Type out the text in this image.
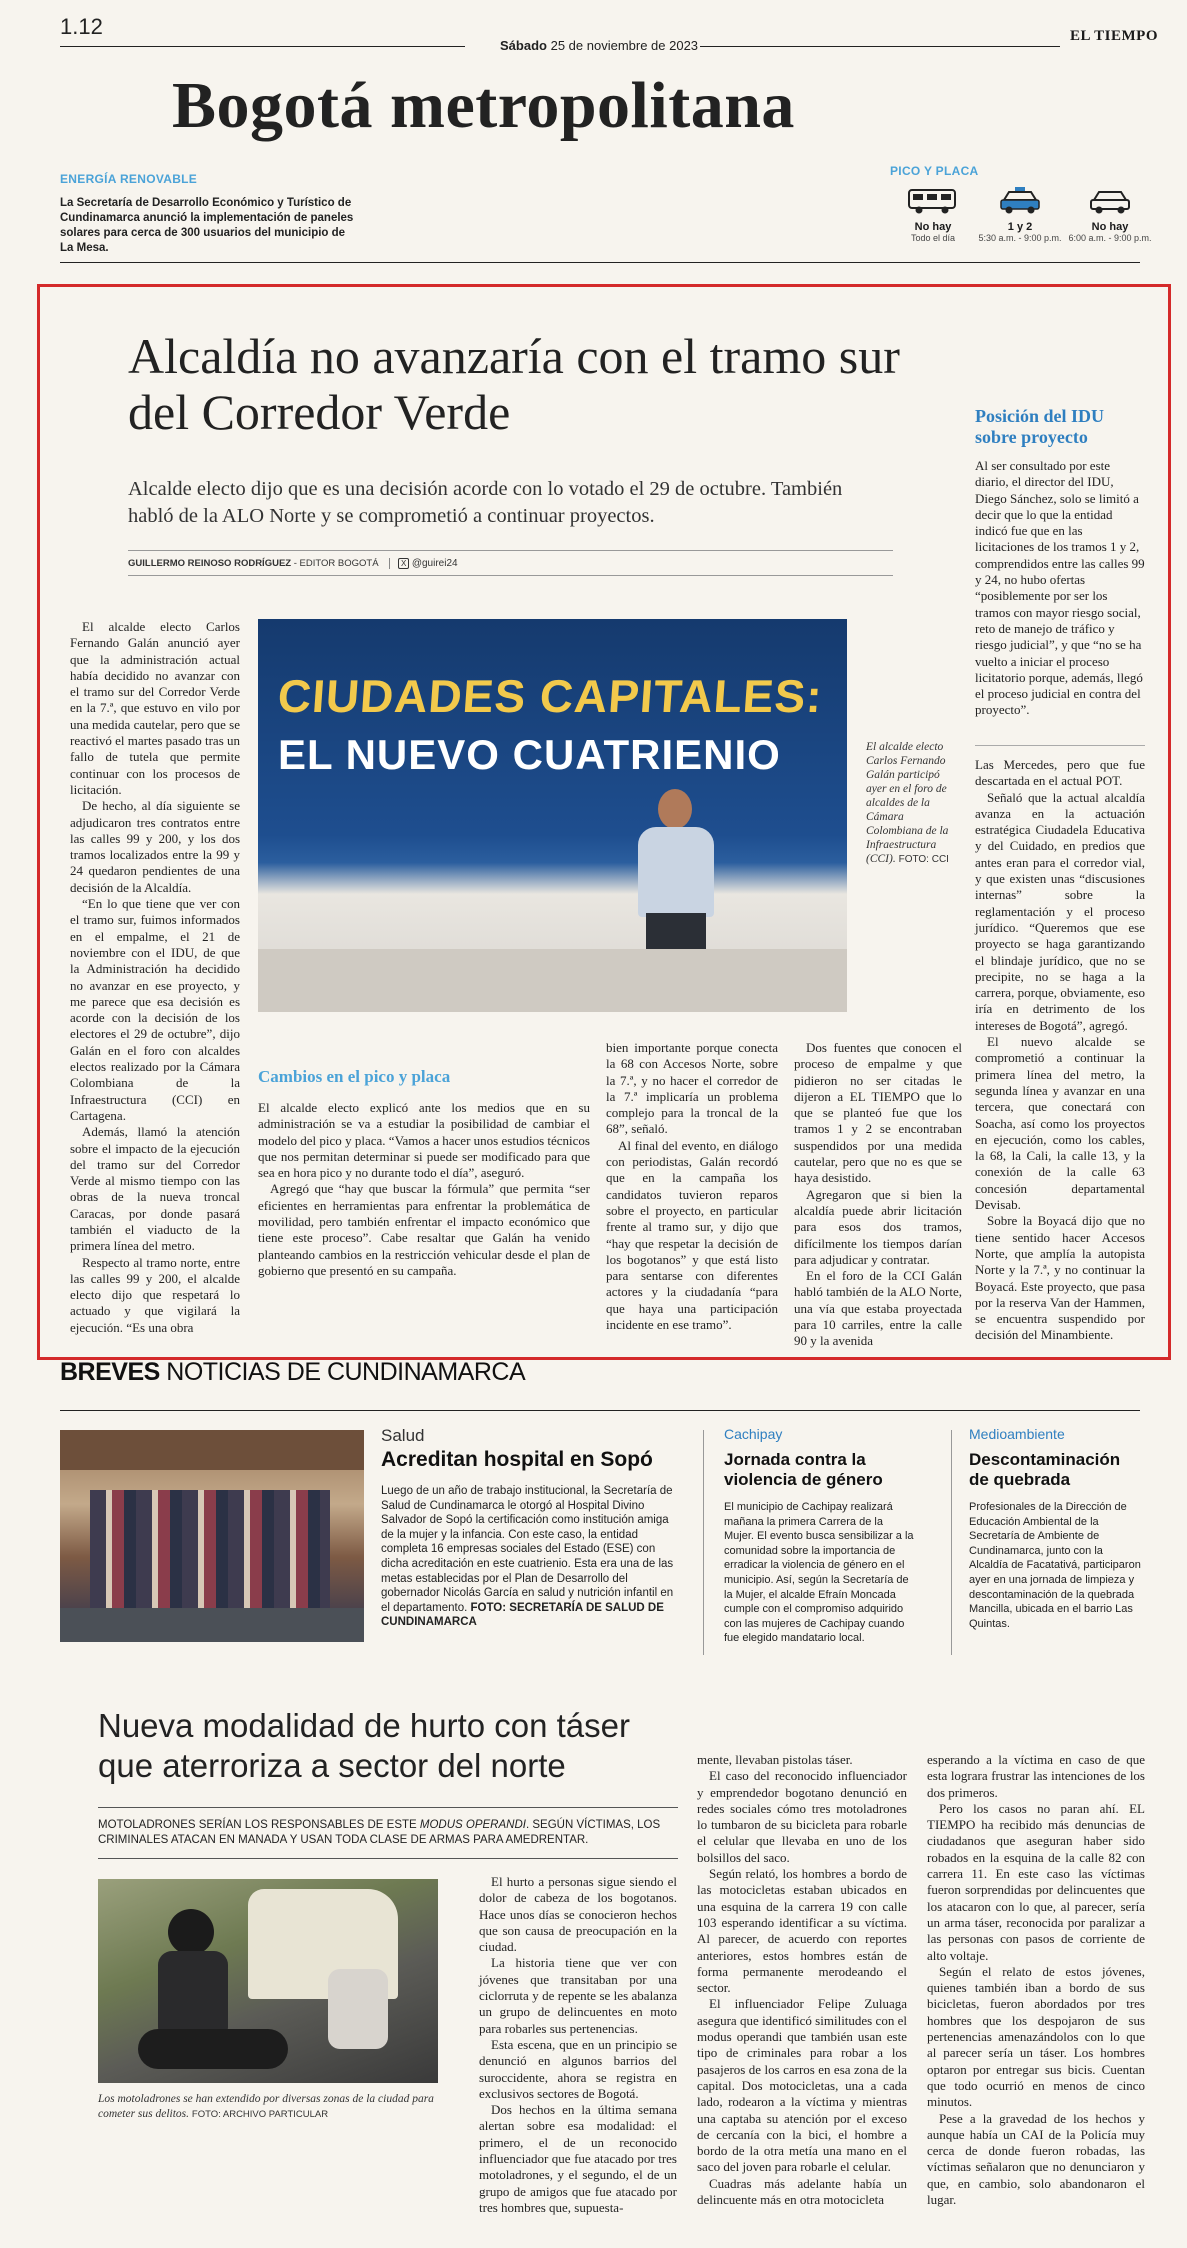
1.12
Sábado 25 de noviembre de 2023
EL TIEMPO
Bogotá metropolitana
ENERGÍA RENOVABLE
La Secretaría de Desarrollo Económico y Turístico de Cundinamarca anunció la implementación de paneles solares para cerca de 300 usuarios del municipio de La Mesa.
PICO Y PLACA
No hay
Todo el día
1 y 2
5:30 a.m. - 9:00 p.m.
No hay
6:00 a.m. - 9:00 p.m.
Alcaldía no avanzaría con el tramo sur del Corredor Verde
Alcalde electo dijo que es una decisión acorde con lo votado el 29 de octubre. También habló de la ALO Norte y se comprometió a continuar proyectos.
GUILLERMO REINOSO RODRÍGUEZ - EDITOR BOGOTÁ	X @guirei24
CIUDADES CAPITALES:
EL NUEVO CUATRIENIO	El alcalde electo Carlos Fernando Galán participó ayer en el foro de alcaldes de la Cámara Colombiana de la Infraestructura (CCI). FOTO: CCI

El alcalde electo Carlos Fernando Galán anunció ayer que la administración actual había decidido no avanzar con el tramo sur del Corredor Verde en la 7.ª, que estuvo en vilo por una medida cautelar, pero que se reactivó el martes pasado tras un fallo de tutela que permite continuar con los procesos de licitación.

De hecho, al día siguiente se adjudicaron tres contratos entre las calles 99 y 200, y los dos tramos localizados entre la 99 y 24 quedaron pendientes de una decisión de la Alcaldía.

“En lo que tiene que ver con el tramo sur, fuimos informados en el empalme, el 21 de noviembre con el IDU, de que la Administración ha decidido no avanzar en ese proyecto, y me parece que esa decisión es acorde con la decisión de los electores el 29 de octubre”, dijo Galán en el foro con alcaldes electos realizado por la Cámara Colombiana de la Infraestructura (CCI) en Cartagena.

Además, llamó la atención sobre el impacto de la ejecución del tramo sur del Corredor Verde al mismo tiempo con las obras de la nueva troncal Caracas, por donde pasará también el viaducto de la primera línea del metro.

Respecto al tramo norte, entre las calles 99 y 200, el alcalde electo dijo que respetará lo actuado y que vigilará la ejecución. “Es una obra

Cambios en el pico y placa

El alcalde electo explicó ante los medios que en su administración se va a estudiar la posibilidad de cambiar el modelo del pico y placa. “Vamos a hacer unos estudios técnicos que nos permitan determinar si puede ser modificado para que sea en hora pico y no durante todo el día”, aseguró.

Agregó que “hay que buscar la fórmula” que permita “ser eficientes en herramientas para enfrentar la problemática de movilidad, pero también enfrentar el impacto económico que tiene este proceso”. Cabe resaltar que Galán ha venido planteando cambios en la restricción vehicular desde el plan de gobierno que presentó en su campaña.

bien importante porque conecta la 68 con Accesos Norte, sobre la 7.ª, y no hacer el corredor de la 7.ª implicaría un problema complejo para la troncal de la 68”, señaló.

Al final del evento, en diálogo con periodistas, Galán recordó que en la campaña los candidatos tuvieron reparos sobre el proyecto, en particular frente al tramo sur, y dijo que “hay que respetar la decisión de los bogotanos” y que está listo para sentarse con diferentes actores y la ciudadanía “para que haya una participación incidente en ese tramo”.

Dos fuentes que conocen el proceso de empalme y que pidieron no ser citadas le dijeron a EL TIEMPO que lo que se planteó fue que los tramos 1 y 2 se encontraban suspendidos por una medida cautelar, pero que no es que se haya desistido.

Agregaron que si bien la alcaldía puede abrir licitación para esos dos tramos, difícilmente los tiempos darían para adjudicar y contratar.

En el foro de la CCI Galán habló también de la ALO Norte, una vía que estaba proyectada para 10 carriles, entre la calle 90 y la avenida

Posición del IDU sobre proyecto

Al ser consultado por este diario, el director del IDU, Diego Sánchez, solo se limitó a decir que lo que la entidad indicó fue que en las licitaciones de los tramos 1 y 2, comprendidos entre las calles 99 y 24, no hubo ofertas “posiblemente por ser los tramos con mayor riesgo social, reto de manejo de tráfico y riesgo judicial”, y que “no se ha vuelto a iniciar el proceso licitatorio porque, además, llegó el proceso judicial en contra del proyecto”.

Las Mercedes, pero que fue descartada en el actual POT.

Señaló que la actual alcaldía avanza en la actuación estratégica Ciudadela Educativa y del Cuidado, en predios que antes eran para el corredor vial, y que existen unas “discusiones internas” sobre la reglamentación y el proceso jurídico. “Queremos que ese proyecto se haga garantizando el blindaje jurídico, que no se precipite, no se haga a la carrera, porque, obviamente, eso iría en detrimento de los intereses de Bogotá”, agregó.

El nuevo alcalde se comprometió a continuar la primera línea del metro, la segunda línea y avanzar en una tercera, que conectará con Soacha, así como los proyectos en ejecución, como los cables, la 68, la Cali, la calle 13, y la conexión de la calle 63 concesión departamental Devisab.

Sobre la Boyacá dijo que no tiene sentido hacer Accesos Norte, que amplía la autopista Norte y la 7.ª, y no continuar la Boyacá. Este proyecto, que pasa por la reserva Van der Hammen, se encuentra suspendido por decisión del Minambiente.

BREVES NOTICIAS DE CUNDINAMARCA
Salud
Acreditan hospital en Sopó
Luego de un año de trabajo institucional, la Secretaría de Salud de Cundinamarca le otorgó al Hospital Divino Salvador de Sopó la certificación como institución amiga de la mujer y la infancia. Con este caso, la entidad completa 16 empresas sociales del Estado (ESE) con dicha acreditación en este cuatrienio. Esta era una de las metas establecidas por el Plan de Desarrollo del gobernador Nicolás García en salud y nutrición infantil en el departamento. FOTO: SECRETARÍA DE SALUD DE CUNDINAMARCA
Cachipay
Jornada contra la violencia de género
El municipio de Cachipay realizará mañana la primera Carrera de la Mujer. El evento busca sensibilizar a la comunidad sobre la importancia de erradicar la violencia de género en el municipio. Así, según la Secretaría de la Mujer, el alcalde Efraín Moncada cumple con el compromiso adquirido con las mujeres de Cachipay cuando fue elegido mandatario local.
Medioambiente
Descontaminación de quebrada
Profesionales de la Dirección de Educación Ambiental de la Secretaría de Ambiente de Cundinamarca, junto con la Alcaldía de Facatativá, participaron ayer en una jornada de limpieza y descontaminación de la quebrada Mancilla, ubicada en el barrio Las Quintas.
Nueva modalidad de hurto con táser que aterroriza a sector del norte
MOTOLADRONES SERÍAN LOS RESPONSABLES DE ESTE MODUS OPERANDI. SEGÚN VÍCTIMAS, LOS CRIMINALES ATACAN EN MANADA Y USAN TODA CLASE DE ARMAS PARA AMEDRENTAR.
Los motoladrones se han extendido por diversas zonas de la ciudad para cometer sus delitos. FOTO: ARCHIVO PARTICULAR

El hurto a personas sigue siendo el dolor de cabeza de los bogotanos. Hace unos días se conocieron hechos que son causa de preocupación en la ciudad.

La historia tiene que ver con jóvenes que transitaban por una ciclorruta y de repente se les abalanza un grupo de delincuentes en moto para robarles sus pertenencias.

Esta escena, que en un principio se denunció en algunos barrios del suroccidente, ahora se registra en exclusivos sectores de Bogotá.

Dos hechos en la última semana alertan sobre esa modalidad: el primero, el de un reconocido influenciador que fue atacado por tres motoladrones, y el segundo, el de un grupo de amigos que fue atacado por tres hombres que, supuesta-

mente, llevaban pistolas táser.

El caso del reconocido influenciador y emprendedor bogotano denunció en redes sociales cómo tres motoladrones lo tumbaron de su bicicleta para robarle el celular que llevaba en uno de los bolsillos del saco.

Según relató, los hombres a bordo de las motocicletas estaban ubicados en una esquina de la carrera 19 con calle 103 esperando identificar a su víctima. Al parecer, de acuerdo con reportes anteriores, estos hombres están de forma permanente merodeando el sector.

El influenciador Felipe Zuluaga asegura que identificó similitudes con el modus operandi que también usan este tipo de criminales para robar a los pasajeros de los carros en esa zona de la capital. Dos motocicletas, una a cada lado, rodearon a la víctima y mientras una captaba su atención por el exceso de cercanía con la bici, el hombre a bordo de la otra metía una mano en el saco del joven para robarle el celular.

Cuadras más adelante había un delincuente más en otra motocicleta

esperando a la víctima en caso de que esta lograra frustrar las intenciones de los dos primeros.

Pero los casos no paran ahí. EL TIEMPO ha recibido más denuncias de ciudadanos que aseguran haber sido robados en la esquina de la calle 82 con carrera 11. En este caso las víctimas fueron sorprendidas por delincuentes que los atacaron con lo que, al parecer, sería un arma táser, reconocida por paralizar a las personas con pasos de corriente de alto voltaje.

Según el relato de estos jóvenes, quienes también iban a bordo de sus bicicletas, fueron abordados por tres hombres que los despojaron de sus pertenencias amenazándolos con lo que al parecer sería un táser. Los hombres optaron por entregar sus bicis. Cuentan que todo ocurrió en menos de cinco minutos.

Pese a la gravedad de los hechos y aunque había un CAI de la Policía muy cerca de donde fueron robadas, las víctimas señalaron que no denunciaron y que, en cambio, solo abandonaron el lugar.
